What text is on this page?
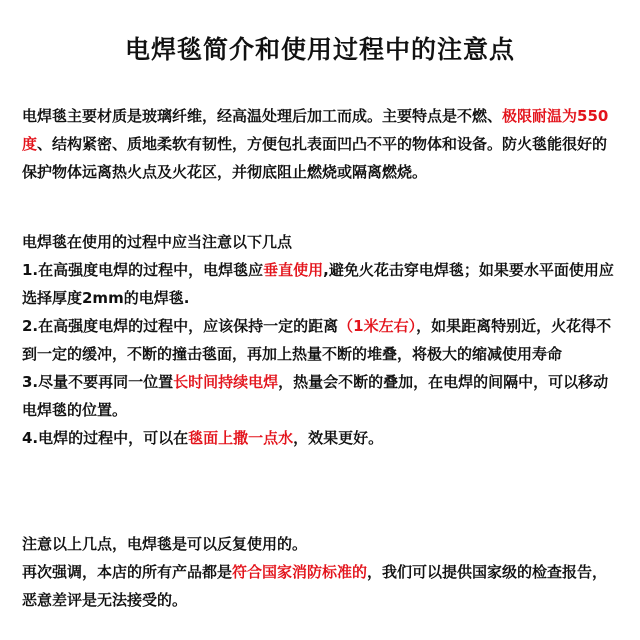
电焊毯简介和使用过程中的注意点

电焊毯主要材质是玻璃纤维，经高温处理后加工而成。主要特点是不燃、极限耐温为550度、结构紧密、质地柔软有韧性，方便包扎表面凹凸不平的物体和设备。防火毯能很好的保护物体远离热火点及火花区，并彻底阻止燃烧或隔离燃烧。

电焊毯在使用的过程中应当注意以下几点
1.在高强度电焊的过程中，电焊毯应垂直使用,避免火花击穿电焊毯；如果要水平面使用应选择厚度2mm的电焊毯.
2.在高强度电焊的过程中，应该保持一定的距离（1米左右），如果距离特别近，火花得不到一定的缓冲，不断的撞击毯面，再加上热量不断的堆叠，将极大的缩减使用寿命
3.尽量不要再同一位置长时间持续电焊，热量会不断的叠加，在电焊的间隔中，可以移动电焊毯的位置。
4.电焊的过程中，可以在毯面上撒一点水，效果更好。
注意以上几点，电焊毯是可以反复使用的。
再次强调，本店的所有产品都是符合国家消防标准的，我们可以提供国家级的检查报告，恶意差评是无法接受的。
